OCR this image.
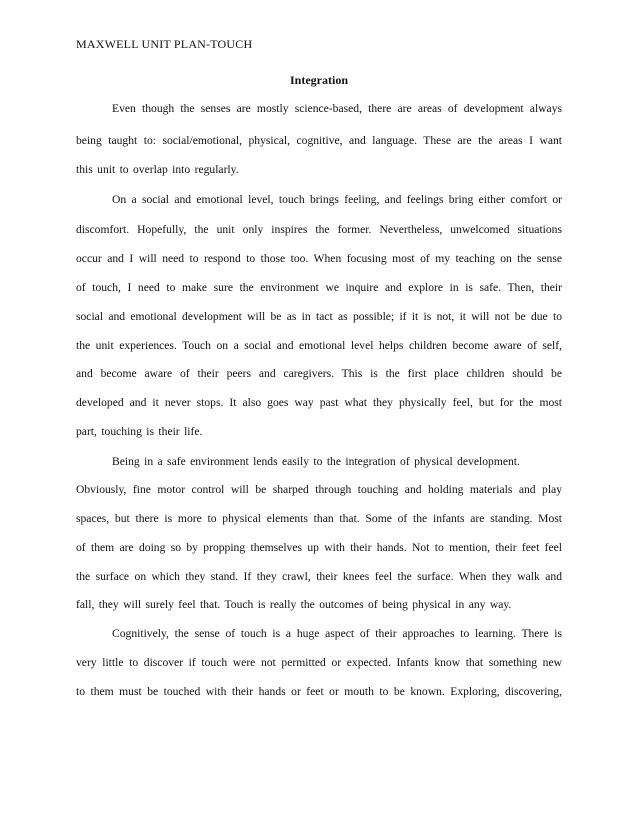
MAXWELL UNIT PLAN-TOUCH
Integration
Even though the senses are mostly science-based, there are areas of development always
being taught to: social/emotional, physical, cognitive, and language. These are the areas I want
this unit to overlap into regularly.
On a social and emotional level, touch brings feeling, and feelings bring either comfort or
discomfort. Hopefully, the unit only inspires the former. Nevertheless, unwelcomed situations
occur and I will need to respond to those too. When focusing most of my teaching on the sense
of touch, I need to make sure the environment we inquire and explore in is safe. Then, their
social and emotional development will be as in tact as possible; if it is not, it will not be due to
the unit experiences. Touch on a social and emotional level helps children become aware of self,
and become aware of their peers and caregivers. This is the first place children should be
developed and it never stops. It also goes way past what they physically feel, but for the most
part, touching is their life.
Being in a safe environment lends easily to the integration of physical development.
Obviously, fine motor control will be sharped through touching and holding materials and play
spaces, but there is more to physical elements than that. Some of the infants are standing. Most
of them are doing so by propping themselves up with their hands. Not to mention, their feet feel
the surface on which they stand. If they crawl, their knees feel the surface. When they walk and
fall, they will surely feel that. Touch is really the outcomes of being physical in any way.
Cognitively, the sense of touch is a huge aspect of their approaches to learning. There is
very little to discover if touch were not permitted or expected. Infants know that something new
to them must be touched with their hands or feet or mouth to be known. Exploring, discovering,
